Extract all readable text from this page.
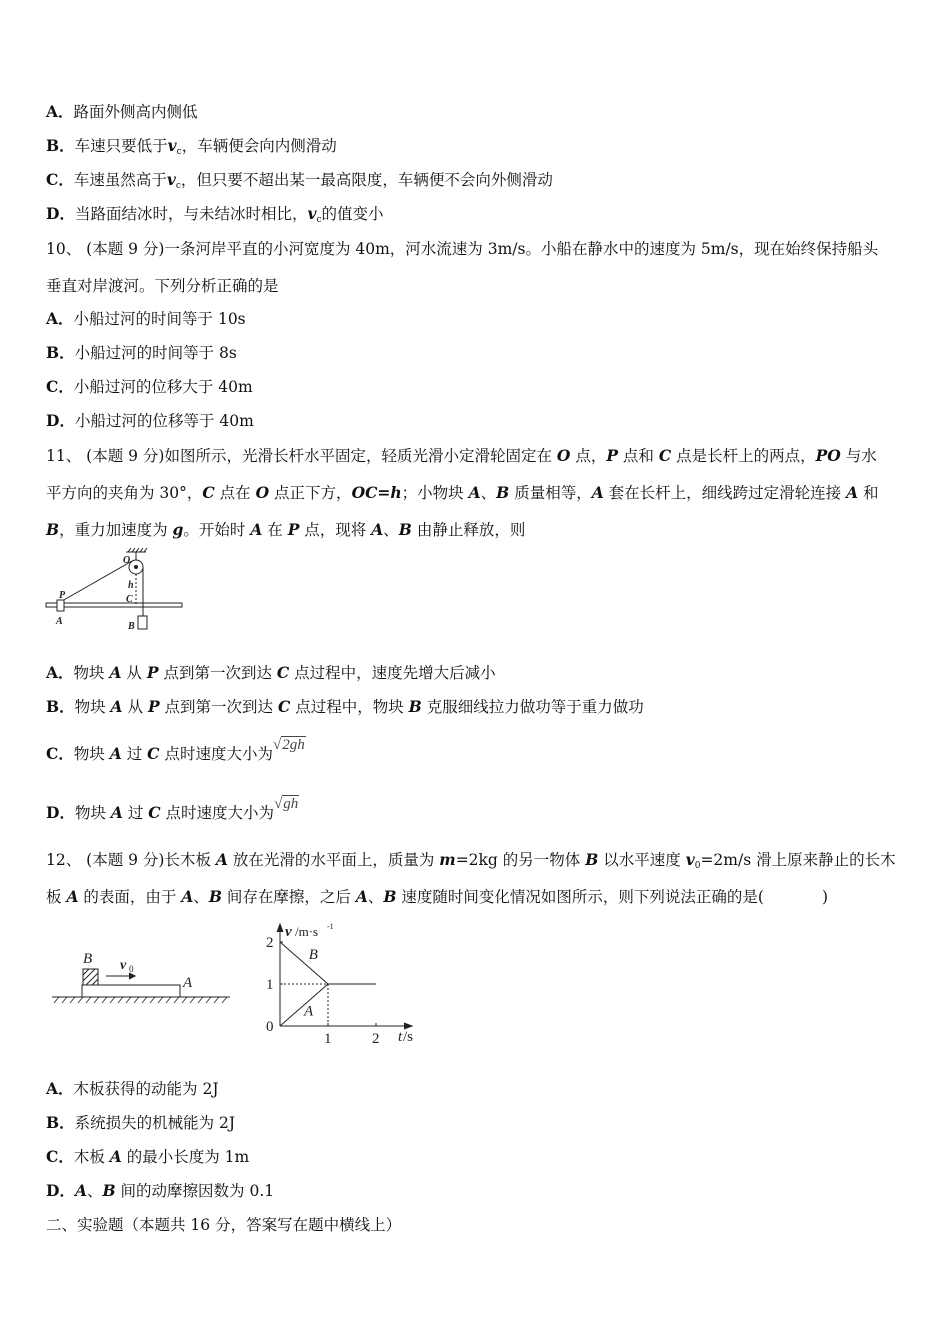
A．路面外侧高内侧低
B．车速只要低于$v_c$，车辆便会向内侧滑动
C．车速虽然高于$v_c$，但只要不超出某一最高限度，车辆便不会向外侧滑动
D．当路面结冰时，与未结冰时相比，$v_c$的值变小
10、 (本题 9 分)一条河岸平直的小河宽度为 40m，河水流速为 3m/s。小船在静水中的速度为 5m/s，现在始终保持船头
垂直对岸渡河。下列分析正确的是
A．小船过河的时间等于 10s
B．小船过河的时间等于 8s
C．小船过河的位移大于 40m
D．小船过河的位移等于 40m
11、 (本题 9 分)如图所示，光滑长杆水平固定，轻质光滑小定滑轮固定在 O 点，P 点和 C 点是长杆上的两点，PO 与水
平方向的夹角为 30°，C 点在 O 点正下方，OC=h；小物块 A、B 质量相等，A 套在长杆上，细线跨过定滑轮连接 A 和
B，重力加速度为 g。开始时 A 在 P 点，现将 A、B 由静止释放，则
O
P
h
C
A	B
A．物块 A 从 P 点到第一次到达 C 点过程中，速度先增大后减小
B．物块 A 从 P 点到第一次到达 C 点过程中，物块 B 克服细线拉力做功等于重力做功
C．物块 A 过 C 点时速度大小为√2gh
D．物块 A 过 C 点时速度大小为√gh
12、 (本题 9 分)长木板 A 放在光滑的水平面上，质量为 m=2kg 的另一物体 B 以水平速度 $v_0=2m/s$ 滑上原来静止的长木
板 A 的表面，由于 A、B 间存在摩擦，之后 A、B 速度随时间变化情况如图所示，则下列说法正确的是(	)
B v 0
A
B
A
0
1
2
1	2
v /m·s -1
t /s
A．木板获得的动能为 2J
B．系统损失的机械能为 2J
C．木板 A 的最小长度为 1m
D．A、B 间的动摩擦因数为 0.1
二、实验题（本题共 16 分，答案写在题中横线上）
